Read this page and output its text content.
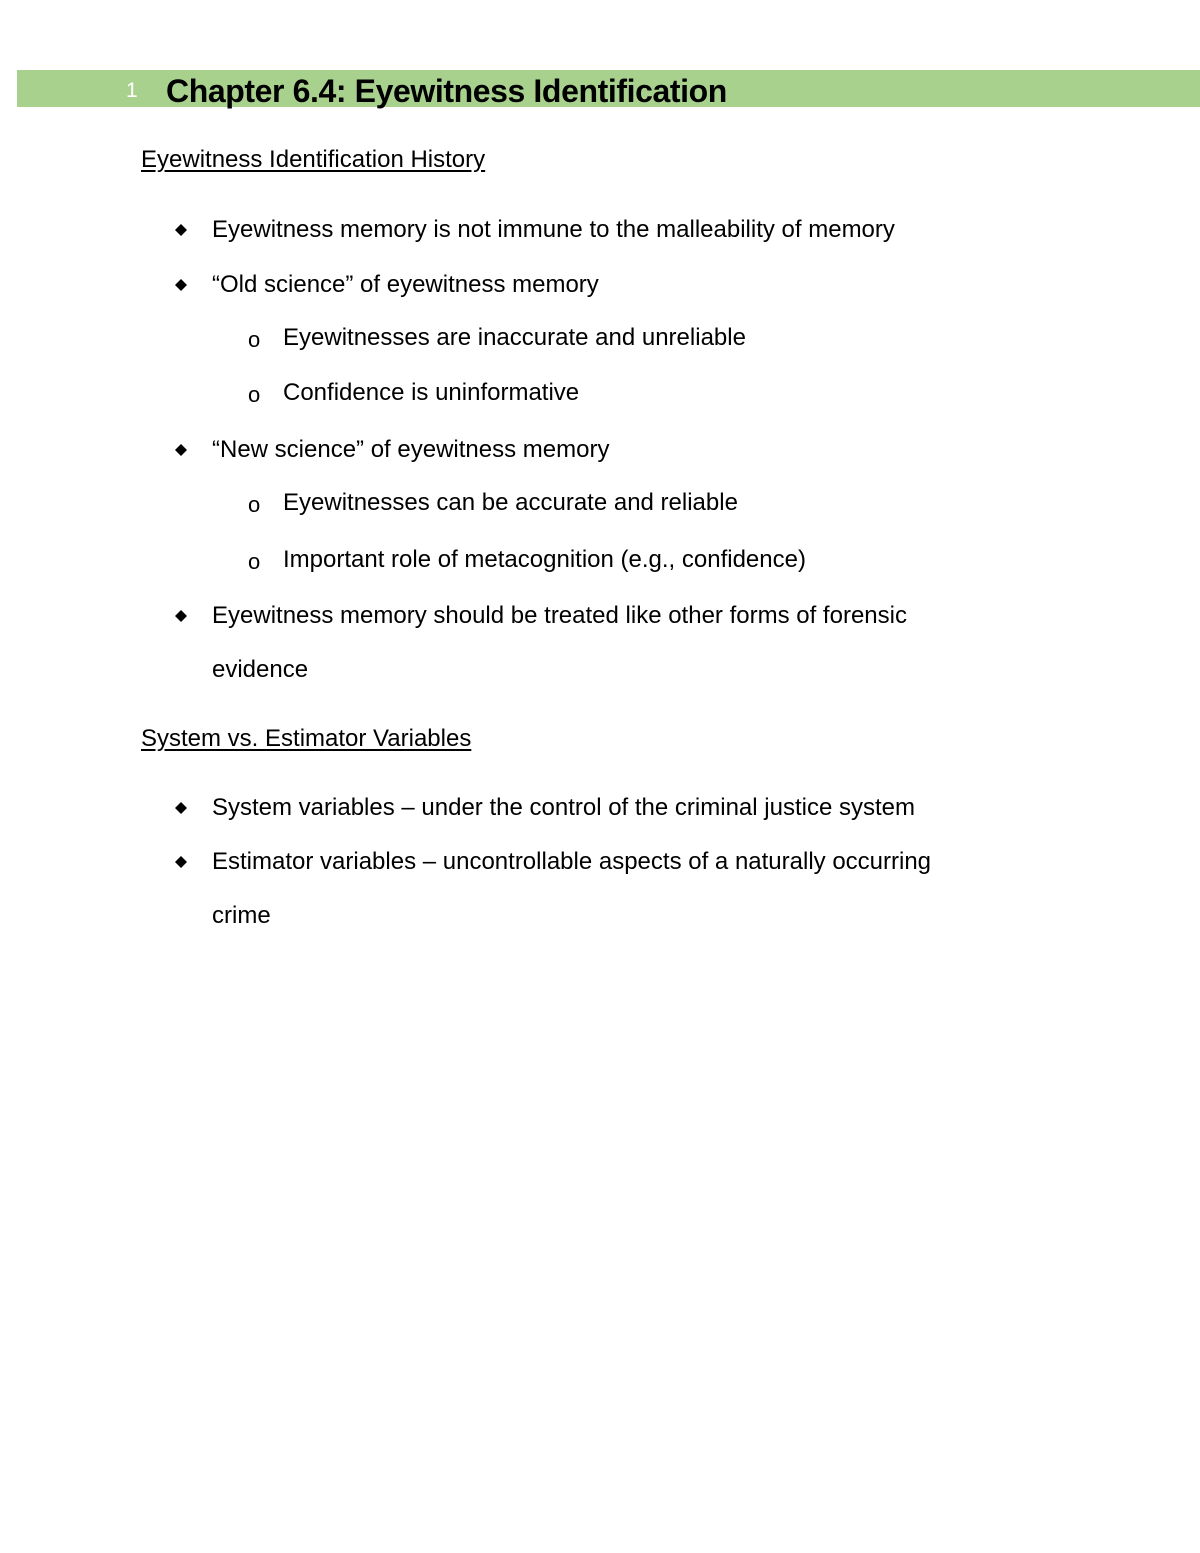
1 Chapter 6.4: Eyewitness Identification
Eyewitness Identification History
Eyewitness memory is not immune to the malleability of memory
“Old science” of eyewitness memory
o Eyewitnesses are inaccurate and unreliable
o Confidence is uninformative
“New science” of eyewitness memory
o Eyewitnesses can be accurate and reliable
o Important role of metacognition (e.g., confidence)
Eyewitness memory should be treated like other forms of forensic
evidence
System vs. Estimator Variables
System variables – under the control of the criminal justice system
Estimator variables – uncontrollable aspects of a naturally occurring
crime
